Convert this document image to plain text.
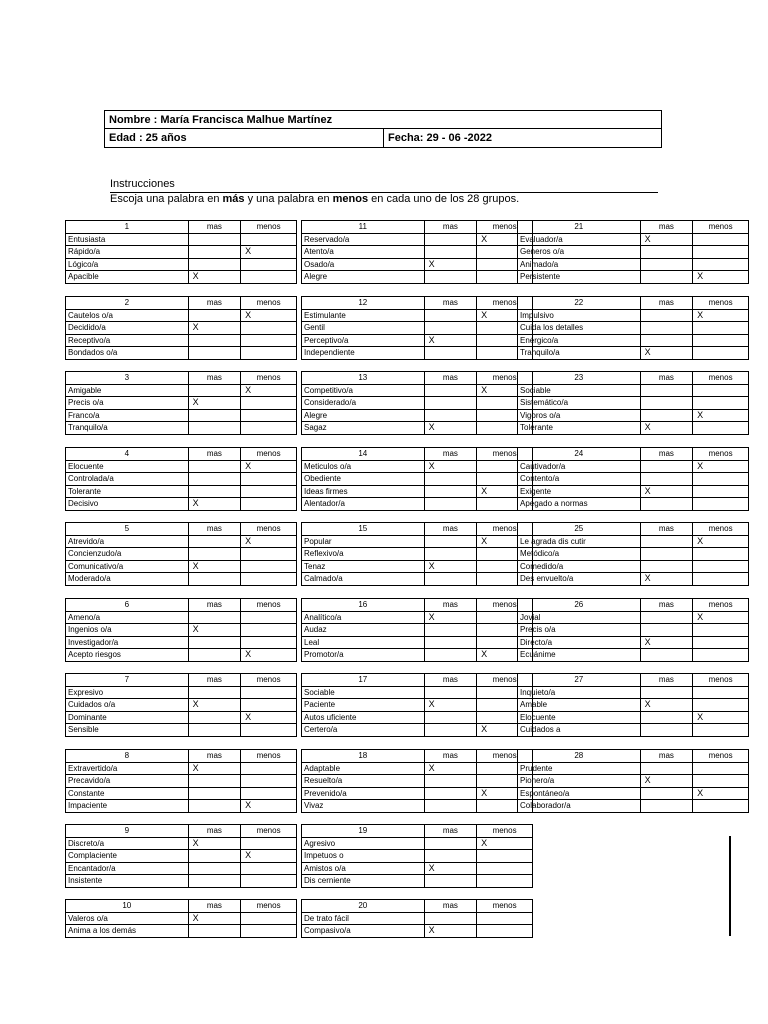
Nombre : María Francisca Malhue Martínez
Edad : 25 años	Fecha: 29 - 06 -2022
Instrucciones
Escoja una palabra en más y una palabra en menos en cada uno de los 28 grupos.
1	mas	menos
Entusiasta		
Rápido/a		X
Lógico/a		
Apacible	X	
2	mas	menos
Cautelos o/a		X
Decidido/a	X	
Receptivo/a		
Bondados o/a		
3	mas	menos
Amigable		X
Precis o/a	X	
Franco/a		
Tranquilo/a		
4	mas	menos
Elocuente		X
Controlada/a		
Tolerante		
Decisivo	X	
5	mas	menos
Atrevido/a		X
Concienzudo/a		
Comunicativo/a	X	
Moderado/a		
6	mas	menos
Ameno/a		
Ingenios o/a	X	
Investigador/a		
Acepto riesgos		X
7	mas	menos
Expresivo		
Cuidados o/a	X	
Dominante		X
Sensible		
8	mas	menos
Extravertido/a	X	
Precavido/a		
Constante		
Impaciente		X
9	mas	menos
Discreto/a	X	
Complaciente		X
Encantador/a		
Insistente		
10	mas	menos
Valeros o/a	X	
Anima a los demás		
11	mas	menos
Reservado/a		X
Atento/a		
Osado/a	X	
Alegre		
12	mas	menos
Estimulante		X
Gentil		
Perceptivo/a	X	
Independiente		
13	mas	menos
Competitivo/a		X
Considerado/a		
Alegre		
Sagaz	X	
14	mas	menos
Meticulos o/a	X	
Obediente		
Ideas firmes		X
Alentador/a		
15	mas	menos
Popular		X
Reflexivo/a		
Tenaz	X	
Calmado/a		
16	mas	menos
Analítico/a	X	
Audaz		
Leal		
Promotor/a		X
17	mas	menos
Sociable		
Paciente	X	
Autos uficiente		
Certero/a		X
18	mas	menos
Adaptable	X	
Resuelto/a		
Prevenido/a		X
Vivaz		
19	mas	menos
Agresivo		X
Impetuos o		
Amistos o/a	X	
Dis cerniente		
20	mas	menos
De trato fácil		
Compasivo/a	X	
21	mas	menos
Evaluador/a	X	
Generos o/a		
Animado/a		
Persistente		X
22	mas	menos
Impulsivo		X
Cuida los detalles		
Enérgico/a		
Tranquilo/a	X	
23	mas	menos
Sociable		
Sistemático/a		
Vigoros o/a		X
Tolerante	X	
24	mas	menos
Cautivador/a		X
Contento/a		
Exigente	X	
Apegado a normas		
25	mas	menos
Le agrada dis cutir		X
Metódico/a		
Comedido/a		
Des envuelto/a	X	
26	mas	menos
Jovial		X
Precis o/a		
Directo/a	X	
Ecuánime		
27	mas	menos
Inquieto/a		
Amable	X	
Elocuente		X
Cuidados a		
28	mas	menos
Prudente		
Pionero/a	X	
Espontáneo/a		X
Colaborador/a		
